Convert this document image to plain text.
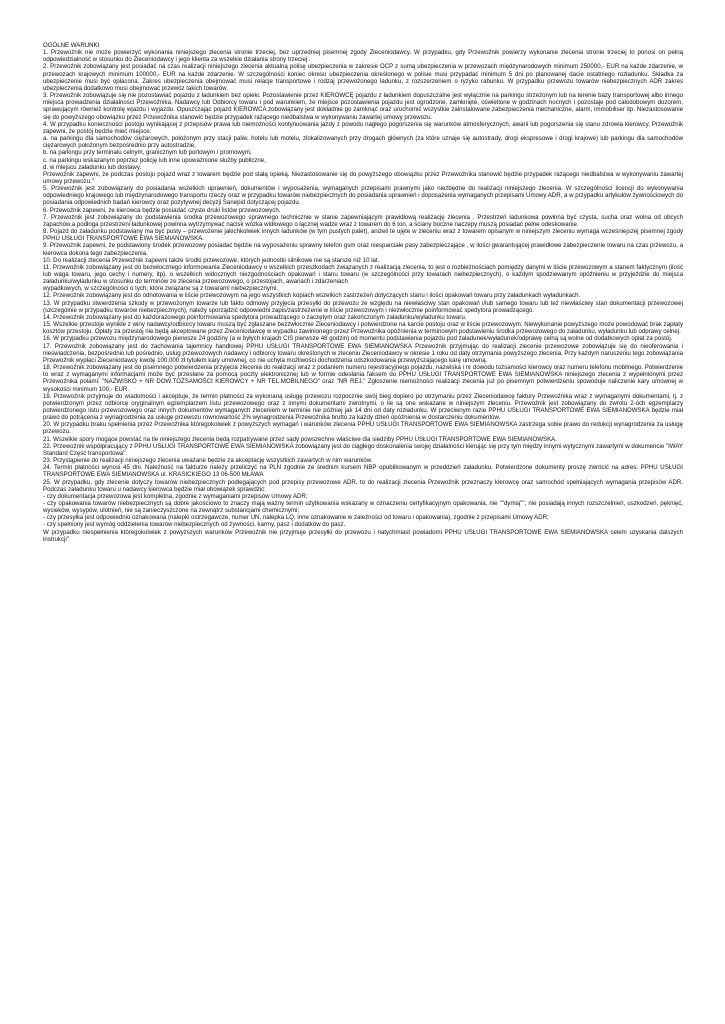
OGÓLNE WARUNKI

1. Przewoźnik nie może powierzyć wykonania niniejszego zlecenia stronie trzeciej, bez uprzedniej pisemnej zgody Zleceniodawcy. W przypadku, gdy Przewoźnik powierzy wykonanie zlecenia stronie trzeciej to ponosi on pełną odpowiedzialność w stosunku do Zleceniodawcy i jego klienta za wszelkie działania strony trzeciej .

2. Przewoźnik zobowiązany jest posiadać na czas realizacji niniejszego zlecenia aktualną polisę ubezpieczenia w zakresie OCP z sumą ubezpieczenia w przewozach międzynarodowych minimum 250000,- EUR na każde zdarzenie, w przewozach krajowych minimum 100000,- EUR na każde zdarzenie. W szczególności koniec okresu ubezpieczenia określonego w polisie musi przypadać minimum 5 dni po planowanej dacie ostatniego rozładunku. Składka za ubezpieczenie musi być opłacona. Zakres ubezpieczenia obejmować musi relacje transportowe i rodzaj przewożonego ładunku, z rozszerzeniem o ryzyko rabunku. W przypadku przewozu towarów niebezpiecznych ADR zakres ubezpieczenia dodatkowo musi obejmować przewóz takich towarów.

3. Przewoźnik zobowiązuje się nie pozostawiać pojazdu z ładunkiem bez opieki. Pozostawienie przez KIEROWCĘ pojazdu z ładunkiem dopuszczalne jest wyłącznie na parkingu strzeżonym lub na terenie bazy transportowej albo innego miejsca prowadzenia działalności Przewoźnika, Nadawcy lub Odbiorcy towaru i pod warunkiem, że miejsce pozostawienia pojazdu jest ogrodzone, zamknięte, oświetlone w godzinach nocnych i pozostaje pod całodobowym dozorem, sprawującym również kontrolę wjazdu i wyjazdu. Opuszczając pojazd KIEROWCA zobowiązany jest dokładnie go zamknąć oraz uruchomić wszystkie zainstalowane zabezpieczenia mechaniczne, alarm, immobiliser itp. Niezastosowanie się do powyższego obowiązku przez Przewoźnika stanowić będzie przypadek rażącego niedbalstwa w wykonywaniu zawartej umowy przewozu.

4. W przypadku konieczności postoju wynikającej z przepisów prawa lub niemożności kontynuowania jazdy z powodu nagłego pogorszenia się warunków atmosferycznych, awarii lub pogorszenia się stanu zdrowia kierowcy, Przewoźnik zapewni, że postój będzie mieć miejsce:

a. na parkingu dla samochodów ciężarowych, położonym przy stacji paliw, hotelu lub motelu, zlokalizowanych przy drogach głównych (za które uznaje się autostrady, drogi ekspresowe i drogi krajowe) lub parkingu dla samochodów ciężarowych położonym bezpośrednio przy autostradzie,

b. na parkingu przy terminalu celnym, granicznym lub portowym / promowym,

c. na parkingu wskazanym poprzez policję lub inne upoważnione służby publiczne,

d. w miejscu załadunku lub dostawy.

Przewoźnik zapewni, że podczas postoju pojazd wraz z towarem będzie pod stałą opieką. Niezastosowanie się do powyższego obowiązku przez Przewoźnika stanowić będzie przypadek rażącego niedbalstwa w wykonywaniu zawartej umowy przewozu."

5. Przewoźnik jest zobowiązany do posiadania wszelkich uprawnień, dokumentów i wyposażenia, wymaganych przepisami prawnymi jako niezbędne do realizacji niniejszego zlecenia. W szczególności licencji do wykonywania odpowiedniego krajowego lub międzynarodowego transportu rzeczy oraz w przypadku towarów niebezpiecznych do posiadania uprawnień i doposażenia wymaganych przepisami Umowy ADR, a w przypadku artykułów żywnościowych do posiadania odpowiednich badań kierowcy oraz pozytywnej decyzji Sanepid dotyczącej pojazdu.

6. Przewoźnik zapewni, że kierowca będzie posiadać czyste druki listów przewozowych.

7. Przewoźnik jest zobowiązany do podstawienia środka przewozowego sprawnego technicznie w stanie zapewniającym prawidłową realizację zlecenia . Przestrzeń ładunkowa powinna być czysta, sucha oraz wolna od obcych zapachów,a podłoga przestrzeni ładunkowej powinna wytrzymywać nacisk wózka widłowego o łącznej wadze wraz z towarem do 6 ton, a ściany boczne naczepy muszą posiadać pełne odeskowanie.

8. Pojazd do załadunku podstawiany ma być pusty – przewożenie jakichkolwiek innych ładunków (w tym pustych palet), aniżeli te ujęte w zleceniu wraz z towarem opisanym w niniejszym zleceniu wymaga wcześniejszej pisemnej zgody PPHU USŁUGI TRANSPORTOWE EWA SIEMIANOWSKA.

9. Przewoźnik zapewni, że podstawiony środek przewozowy posiadać będzie na wyposażeniu sprawny telefon gsm oraz niesparciałe pasy zabezpieczające , w ilości gwarantującej prawidłowe zabezpieczenie towaru na czas przewozu, a kierowca dokona tego zabezpieczenia.

10. Do realizacji zlecenia Przewoźnik zapewni także środki przewozowe, których jednostki silnikowe nie są starsze niż 10 lat.

11. Przewoźnik zobowiązany jest do bezwłocznego informowania Zleceniodawcy o wszelkich przeszkodach związanych z realizacją zlecenia, to jest o rozbieżnościach pomiędzy danymi w liście przewozowym a stanem faktycznym (ilość lub waga towaru, jego cechy i numery, itp), o wszelkich widocznych niezgodnościach opakowań i stanu towaru (w szczególności przy towarach niebezpiecznych), o każdym spodziewanym opóźnieniu w przyjeździe do miejsca załadunku/wyładunku w stosunku do terminów ze zlecenia przewozowego, o przestojach, awariach i zdarzeniach

wypadkowych, w szczególności o tych, które związane są z towarami niebezpiecznymi.

12. Przewoźnik zobowiązany jest do odnotowania w liście przewozowym na jego wszystkich kopiach wszelkich zastrzeżeń dotyczących stanu i ilości opakowań towaru przy załadunkach wyładunkach.

13. W przypadku stwierdzenia szkody w przewożonym towarze lub faktu odmowy przyjęcia przesyłki do przewozu ze względu na niewłaściwy stan opakowań i/lub samego towaru lub też niewłaściwy stan dokumentacji przewozowej (szczególnie w przypadku towarów niebezpiecznych), należy sporządzić odpowiedni zapis/zastrzeżenie w liście przewozowym i niezwłocznie poinformować spedytora prowadzącego.

14. Przewoźnik zobowiązany jest do każdorazowego poinformowania spedytora prowadzącego o zaczętym oraz zakończonym załadunku/wyładunku towaru.

15. Wszelkie przestoje wynikłe z winy nadawcy/odbiorcy towaru muszą być zgłaszane bezzwłocznie Zleceniodawcy i potwierdzone na karcie postoju oraz w liście przewozowym. Niewykonanie powyższego może powodować brak zapłaty kosztów przestoju. Opłaty za przestój nie będą akceptowane przez Zleceniodawcę w wypadku zawinionego przez Przewoźnika opóźnienia w terminowym podstawieniu środka przewozowego do załadunku, wyładunku lub odprawy celnej.

16. W przypadku przewozu międzynarodowego pierwsze 24 godziny (a w byłych krajach CIS pierwsze 48 godzin) od momentu podstawienia pojazdu pod załadunek/wyładunek/odprawę celną są wolne od dodatkowych opłat za postój.

17. Przewoźnik zobowiązany jest do zachowania tajemnicy handlowej PPHU USŁUGI TRANSPORTOWE EWA SIEMIANOWSKA Przewoźnik przyjmując do realizacji zlecenie przewozowe zobowiązuje się do nieoferowania i nieświadczenia, bezpośrednio lub pośrednio, usług przewozowych nadawcy i odbiorcy towaru określonych w zleceniu Zleceniodawcy w okresie 1 roku od daty otrzymania powyższego zlecenia. Przy każdym naruszeniu tego zobowiązania Przewoźnik wypłaci Zleceniodawcy kwotę 100.000 zł tytułem kary umownej, co nie uchyla możliwości dochodzenia odszkodowania przewyższającego karę umowną.

18. Przewoźnik zobowiązany jest do pisemnego potwierdzenia przyjęcia zlecenia do realizacji wraz z podaniem numeru rejestracyjnego pojazdu, nazwiska i nr dowodu tożsamości kierowcy oraz numeru telefonu mobilnego. Potwierdzenie to wraz z wymaganymi informacjami może być przesłane za pomocą poczty elektronicznej lub w formie odesłania faksem do PPHU USŁUGI TRANSPORTOWE EWA SIEMIANOWSKA niniejszego zlecenia z wypełnionymi przez Przewoźnika polami: "NAZWISKO + NR DOW.TOŻSAMOŚCI KIEROWCY + NR TEL.MOBILNEGO" oraz "NR REJ." Zgłoszenie niemożności realizacji zlecenia już po pisemnym potwierdzeniu spowoduje naliczenie kary umownej w wysokości minimum 100,- EUR.

19. Przewoźnik przyjmuje do wiadomości i akceptuje, że termin płatności za wykonaną usługę przewozu rozpocznie swój bieg dopiero po otrzymaniu przez Zleceniodawcę faktury Przewoźnika wraz z wymaganymi dokumentami, tj. z potwierdzonym przez odbiorcę oryginalnym egzemplarzem listu przewozowego oraz z innymi dokumentami zwrotnymi, o ile są one wskazane w niniejszym zleceniu. Przewoźnik jest zobowiązany do zwrotu 2-óch egzemplarzy potwierdzonego listu przewozowego oraz innych dokumentów wymaganych zleceniem w terminie nie później jak 14 dni od daty rozładunku. W przeciwnym razie PPHU USŁUGI TRANSPORTOWE EWA SIEMIANOWSKA będzie miał prawo do potrącenia z wynagrodzenia za usługę przewozu równowartość 2% wynagrodzenia Przewoźnika brutto za każdy dzień opóźnienia w dostarczeniu dokumentów.

20. W przypadku braku spełnienia przez Przewoźnika któregokolwiek z powyższych wymagań i warunków zlecenia PPHU USŁUGI TRANSPORTOWE EWA SIEMIANOWSKA zastrzega sobie prawo do redukcji wynagrodzenia za usługę przewozu.

21. Wszelkie spory mogące powstać na tle niniejszego zlecenia będą rozpatrywane przez sądy powszechne właściwe dla siedziby PPHU USŁUGI TRANSPORTOWE EWA SIEMIANOWSKA.

22. Przewoźnik współpracujący z PPHU USŁUGI TRANSPORTOWE EWA SIEMIANOWSKA zobowiązany jest do ciągłego doskonalenia swojej działalności kierując się przy tym między innymi wytycznymi zawartymi w dokumencie "IWAY Standard Część transportowa".

23. Przystąpienie do realizacji niniejszego zlecenia uważane będzie za akceptację wszystkich zawartych w nim warunków.

24. Termin płatności wynosi 45 dni. Należność na fakturze należy przeliczyć na PLN zgodnie ze średnim kursem NBP opublikowanym w przeddzień załadunku. Potwierdzone dokumenty proszę zwrócić na adres: PPHU USŁUGI TRANSPORTOWE EWA SIEMIANOWSKA ul. KRASICKIEGO 13 06-500 MŁAWA

25. W przypadku, gdy zlecenie dotyczy towarów niebezpiecznych podlegających pod przepisy przewozowe ADR, to do realizacji zlecenia Przewoźnik przeznaczy kierowcę oraz samochód spełniających wymagania przepisów ADR. Podczas załadunku towaru u nadawcy kierowca będzie miał obowiązek sprawdzić:

- czy dokumentacja przewozowa jest kompletna, zgodnie z wymaganiami przepisów Umowy ADR;

- czy opakowania towarów niebezpiecznych są dobre jakościowo to znaczy mają ważny termin użytkowania wskazany w oznaczeniu certyfikacyjnym opakowania, nie ""dymią"", nie posiadają innych rozszczelnień, uszkodzeń, pęknięć, wycieków, wysypów, ulotnień, nie są zanieczyszczone na zewnątrz substancjami chemicznymi;

- czy przesyłka jest odpowiednio oznakowana (nalepki ostrzegawcze, numer UN, nalepka LQ, inne oznakowanie w zależności od towaru i opakowania), zgodnie z przepisami Umowy ADR;

- czy spełniony jest wymóg oddzielenia towarów niebezpiecznych od żywności, karmy, pasz i dodatków do pasz.

W przypadku niespełnienia któregokolwiek z powyższych warunków Przewoźnik nie przyjmuje przesyłki do przewozu i natychmiast powiadomi PPHU USŁUGI TRANSPORTOWE EWA SIEMIANOWSKA celem uzyskania dalszych instrukcji"
